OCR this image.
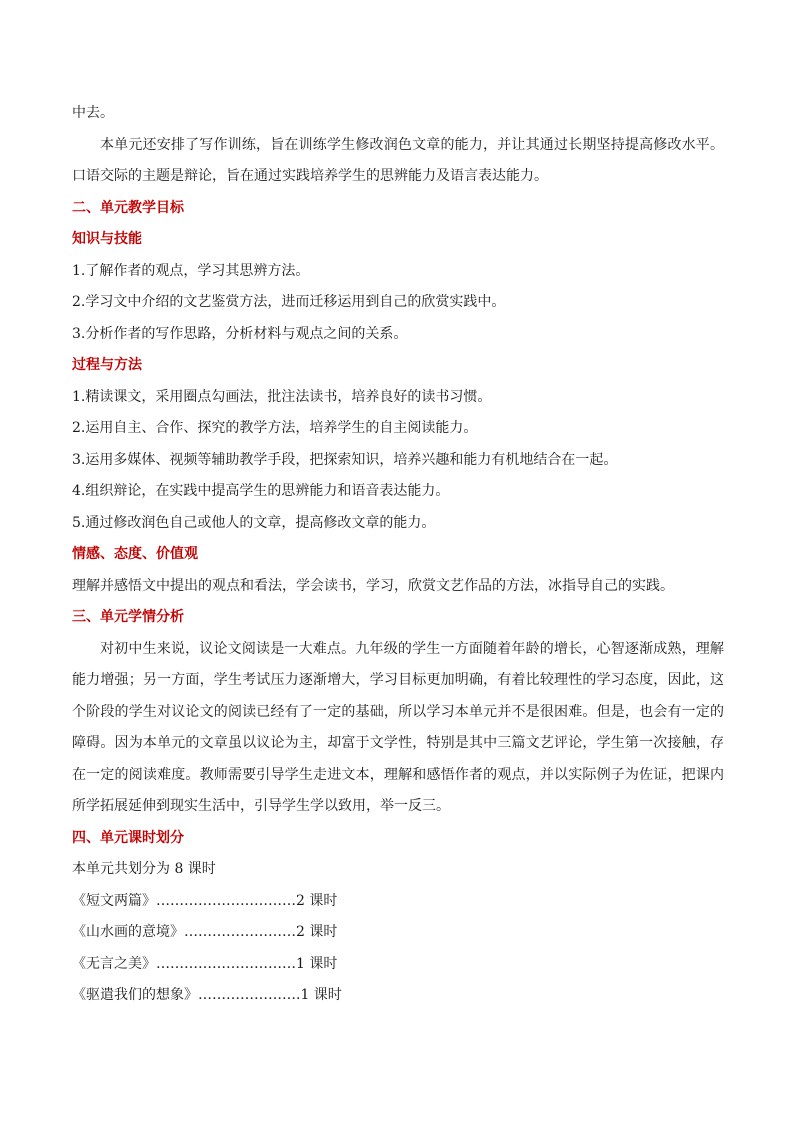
中去。

本单元还安排了写作训练，旨在训练学生修改润色文章的能力，并让其通过长期坚持提高修改水平。口语交际的主题是辩论，旨在通过实践培养学生的思辨能力及语言表达能力。

二、单元教学目标

知识与技能

1.了解作者的观点，学习其思辨方法。

2.学习文中介绍的文艺鉴赏方法，进而迁移运用到自己的欣赏实践中。

3.分析作者的写作思路，分析材料与观点之间的关系。

过程与方法

1.精读课文，采用圈点勾画法，批注法读书，培养良好的读书习惯。

2.运用自主、合作、探究的教学方法，培养学生的自主阅读能力。

3.运用多媒体、视频等辅助教学手段，把探索知识，培养兴趣和能力有机地结合在一起。

4.组织辩论，在实践中提高学生的思辨能力和语音表达能力。

5.通过修改润色自己或他人的文章，提高修改文章的能力。

情感、态度、价值观

理解并感悟文中提出的观点和看法，学会读书，学习，欣赏文艺作品的方法，冰指导自己的实践。

三、单元学情分析

对初中生来说，议论文阅读是一大难点。九年级的学生一方面随着年龄的增长，心智逐渐成熟，理解能力增强；另一方面，学生考试压力逐渐增大，学习目标更加明确，有着比较理性的学习态度，因此，这个阶段的学生对议论文的阅读已经有了一定的基础，所以学习本单元并不是很困难。但是，也会有一定的障碍。因为本单元的文章虽以议论为主，却富于文学性，特别是其中三篇文艺评论，学生第一次接触，存在一定的阅读难度。教师需要引导学生走进文本，理解和感悟作者的观点，并以实际例子为佐证，把课内所学拓展延伸到现实生活中，引导学生学以致用，举一反三。

四、单元课时划分

本单元共划分为 8 课时

《短文两篇》…………………………2 课时

《山水画的意境》……………………2 课时

《无言之美》…………………………1 课时

《驱遣我们的想象》………………….1 课时
